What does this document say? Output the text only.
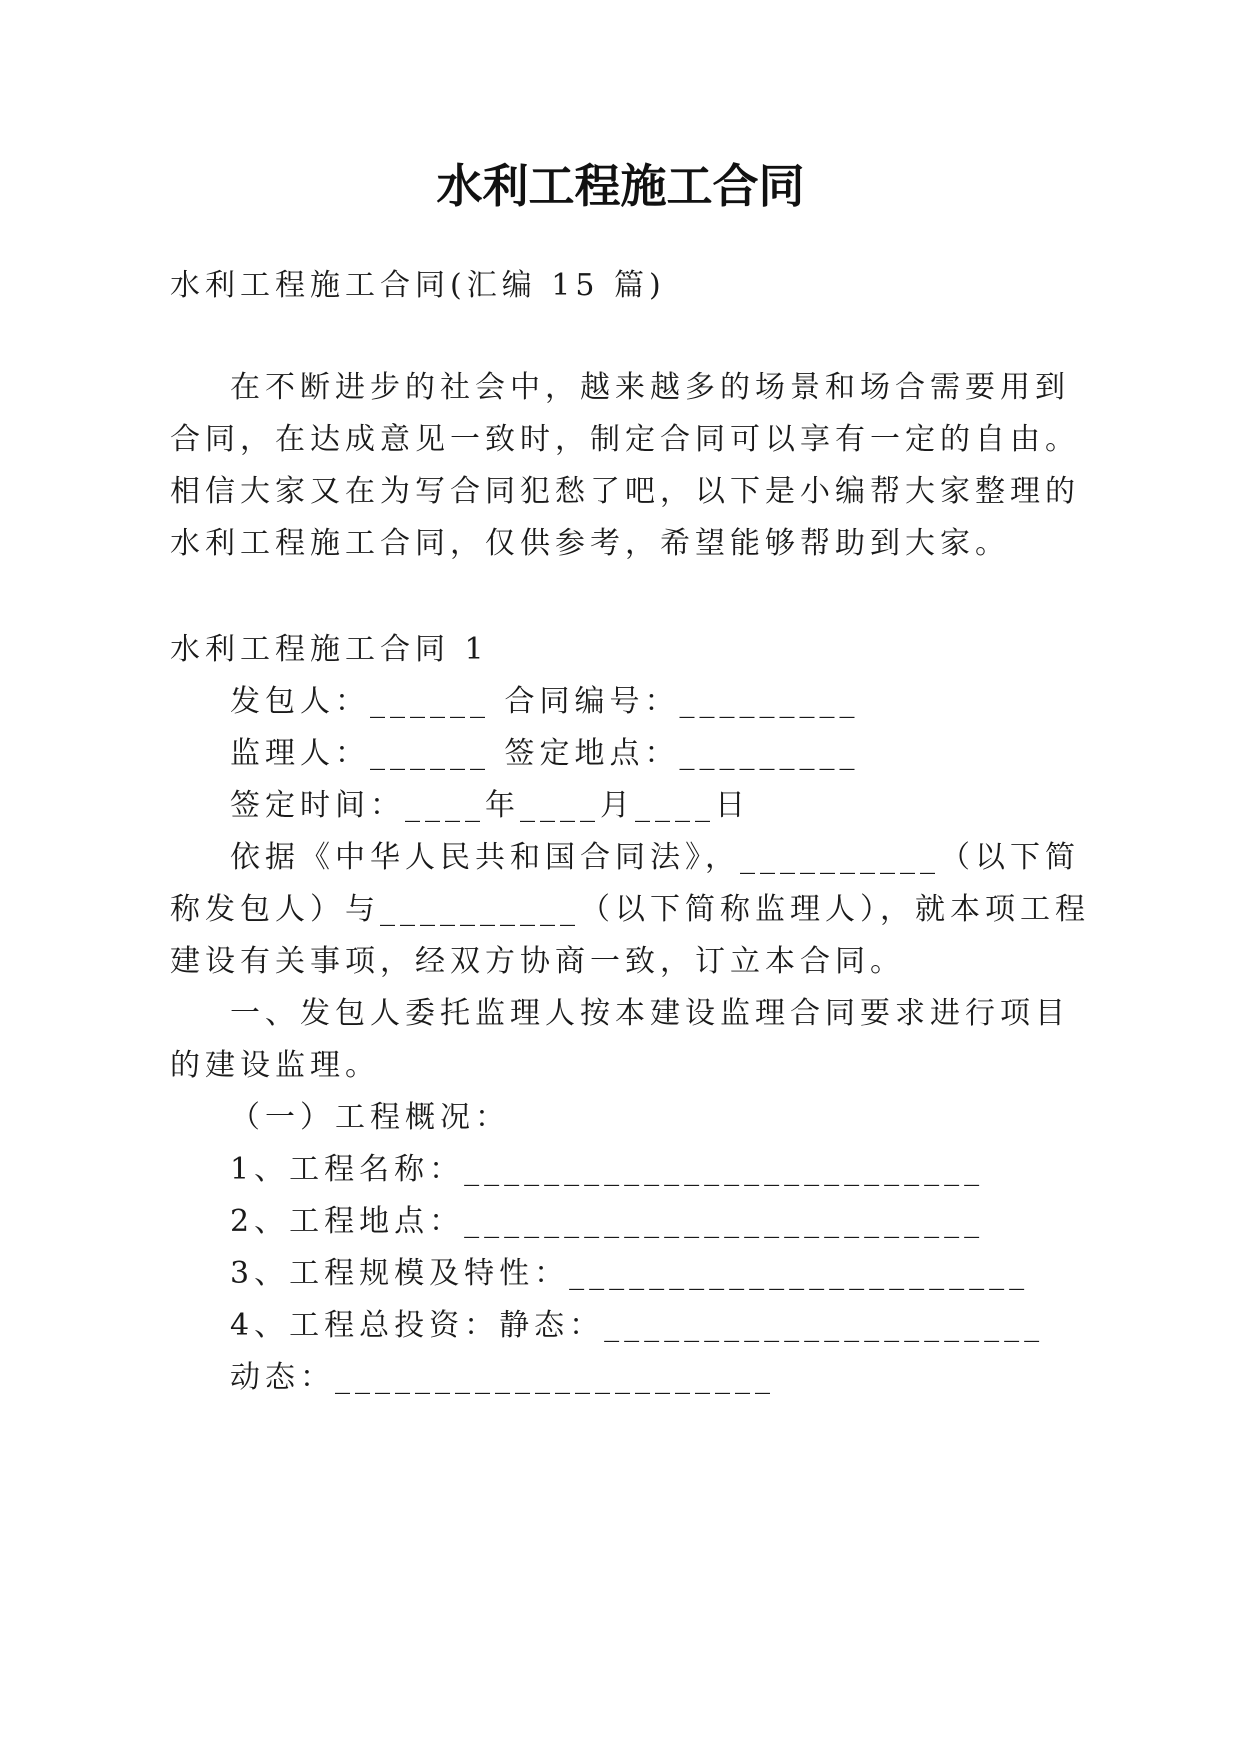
水利工程施工合同
水利工程施工合同(汇编 15 篇)
在不断进步的社会中，越来越多的场景和场合需要用到
合同，在达成意见一致时，制定合同可以享有一定的自由。
相信大家又在为写合同犯愁了吧，以下是小编帮大家整理的
水利工程施工合同，仅供参考，希望能够帮助到大家。
水利工程施工合同 1
发包人：______ 合同编号：_________
监理人：______ 签定地点：_________
签定时间：____年____月____日
依据《中华人民共和国合同法》，__________（以下简
称发包人）与__________（以下简称监理人），就本项工程
建设有关事项，经双方协商一致，订立本合同。
一、发包人委托监理人按本建设监理合同要求进行项目
的建设监理。
（一）工程概况：
1、工程名称：__________________________
2、工程地点：__________________________
3、工程规模及特性：_______________________
4、工程总投资：静态：______________________
动态：______________________
